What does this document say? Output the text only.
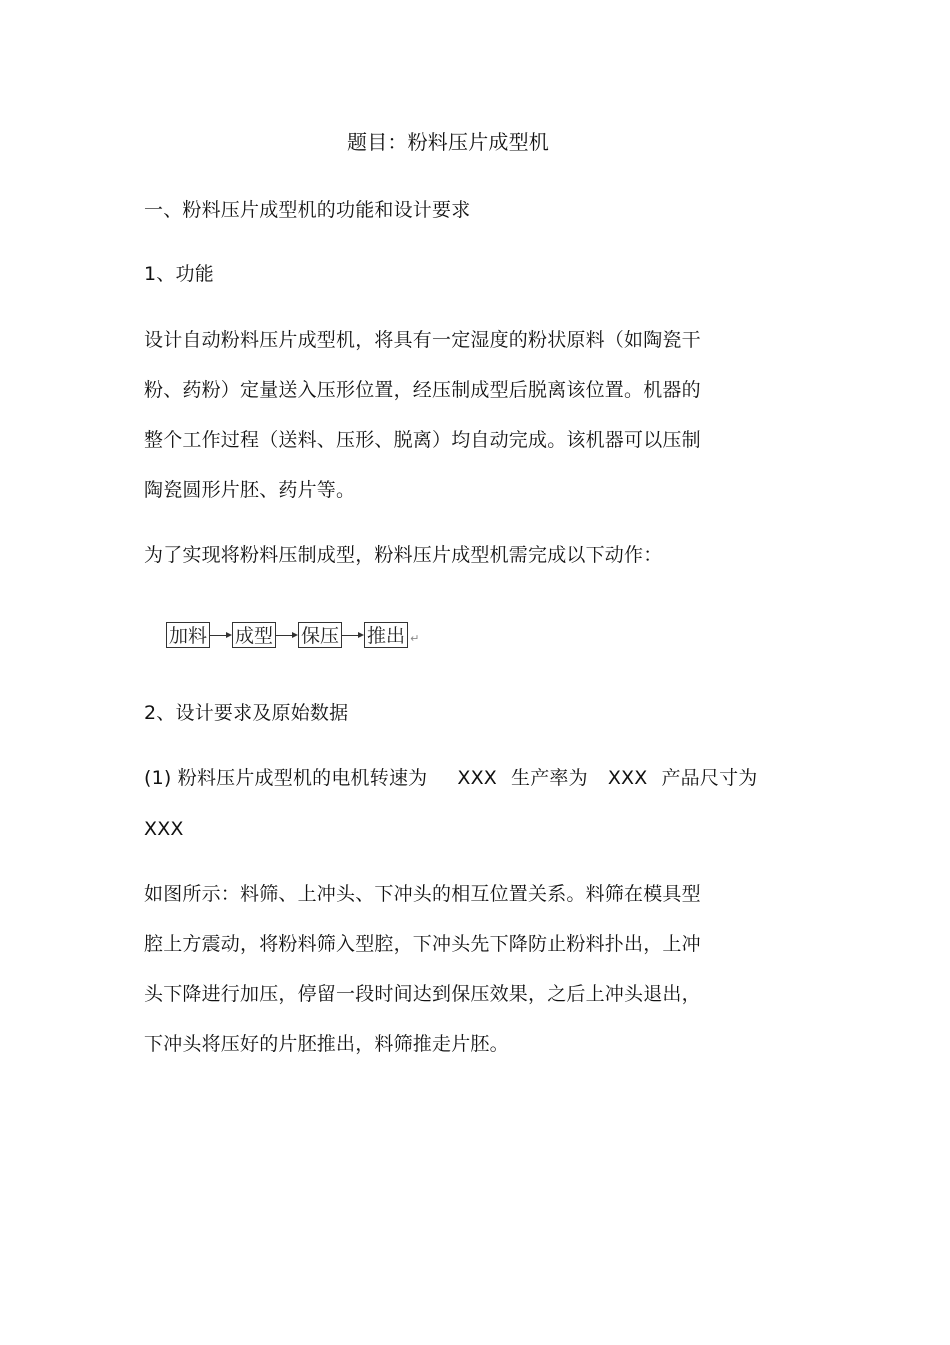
题目：粉料压片成型机
一、粉料压片成型机的功能和设计要求
1、功能
设计自动粉料压片成型机，将具有一定湿度的粉状原料（如陶瓷干
粉、药粉）定量送入压形位置，经压制成型后脱离该位置。机器的
整个工作过程（送料、压形、脱离）均自动完成。该机器可以压制
陶瓷圆形片胚、药片等。
为了实现将粉料压制成型，粉料压片成型机需完成以下动作：
加料 成型 保压 推出 ↵
2、设计要求及原始数据
(1) 粉料压片成型机的电机转速为 XXX 生产率为 XXX 产品尺寸为
XXX
如图所示：料筛、上冲头、下冲头的相互位置关系。料筛在模具型
腔上方震动，将粉料筛入型腔，下冲头先下降防止粉料扑出，上冲
头下降进行加压，停留一段时间达到保压效果，之后上冲头退出，
下冲头将压好的片胚推出，料筛推走片胚。
